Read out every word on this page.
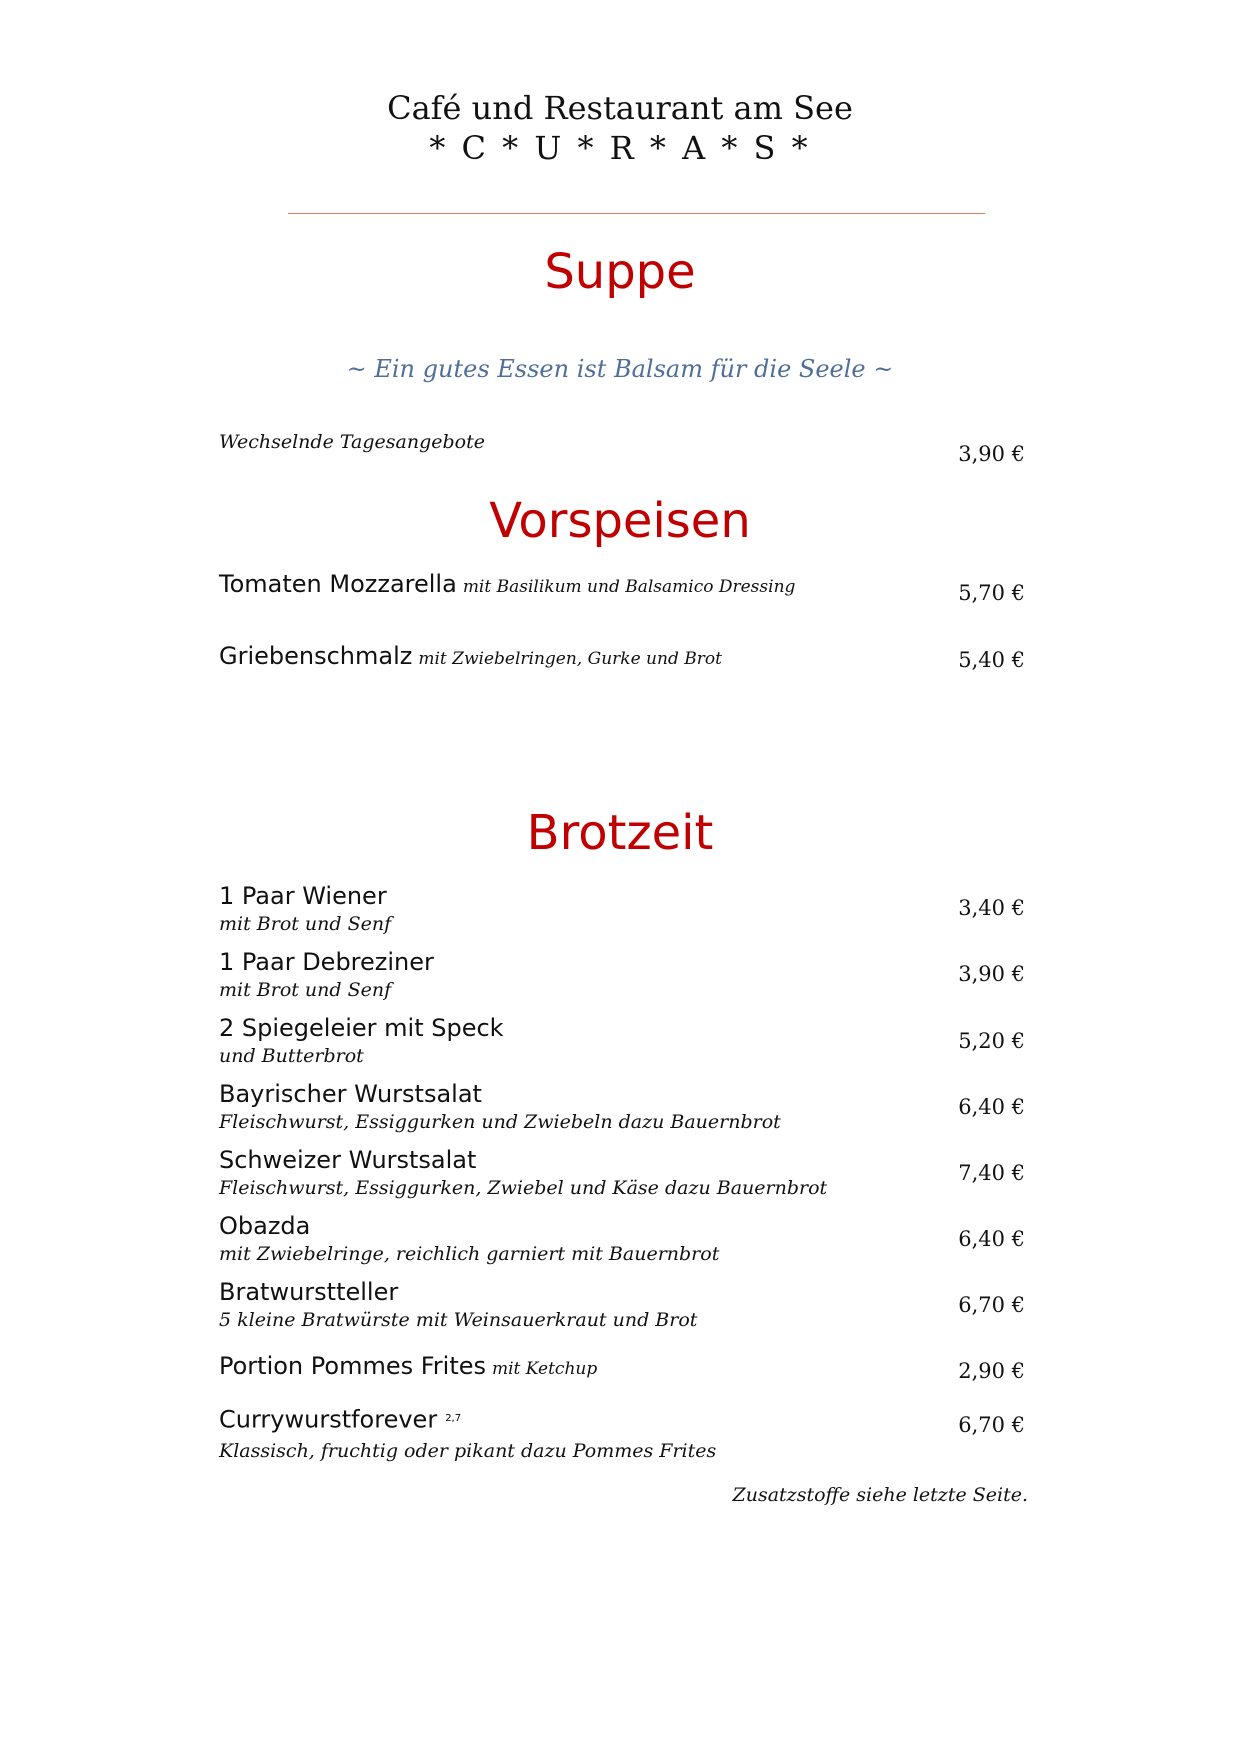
Café und Restaurant am See
* C * U * R * A * S *
Suppe
~ Ein gutes Essen ist Balsam für die Seele ~
Wechselnde Tagesangebote	3,90 €
Vorspeisen
Tomaten Mozzarella mit Basilikum und Balsamico Dressing	5,70 €
Griebenschmalz mit Zwiebelringen, Gurke und Brot	5,40 €
Brotzeit
1 Paar Wiener
mit Brot und Senf
3,40 €
1 Paar Debreziner
mit Brot und Senf
3,90 €
2 Spiegeleier mit Speck
und Butterbrot
5,20 €
Bayrischer Wurstsalat
Fleischwurst, Essiggurken und Zwiebeln dazu Bauernbrot
6,40 €
Schweizer Wurstsalat
Fleischwurst, Essiggurken, Zwiebel und Käse dazu Bauernbrot
7,40 €
Obazda
mit Zwiebelringe, reichlich garniert mit Bauernbrot
6,40 €
Bratwurstteller
5 kleine Bratwürste mit Weinsauerkraut und Brot
6,70 €
Portion Pommes Frites mit Ketchup	2,90 €
Currywurstforever $^{2,7}$
Klassisch, fruchtig oder pikant dazu Pommes Frites
6,70 €
Zusatzstoffe siehe letzte Seite.
